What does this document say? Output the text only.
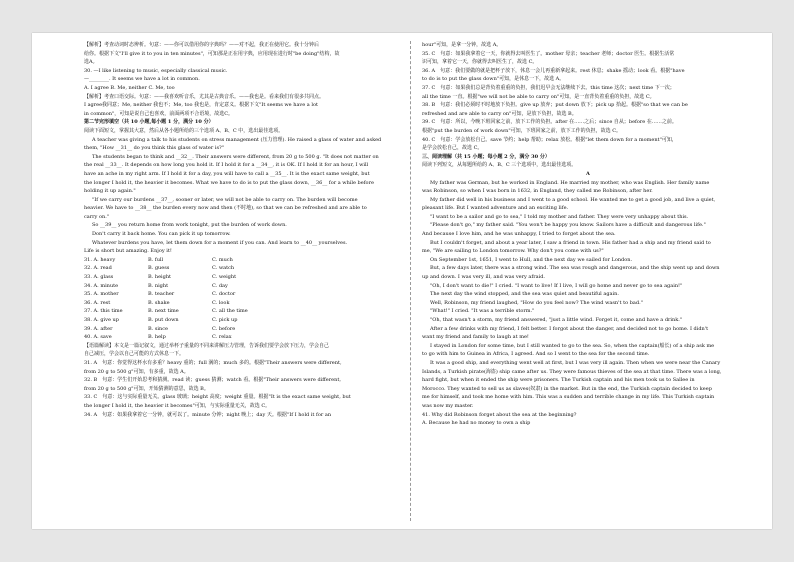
【解析】考查动词时态辨析。句意：——你可以借用你的字典吗？——对不起，我正在使用它。我十分钟后
给你。根据下文"I'll give it to you in ten minutes"，可知那是正在用字典，应用现在进行时"be doing"结构，故
选A。
30. —I like listening to music, especially classical music.
—________. It seems we have a lot in common.
A. I agree B. Me, neither C. Me, too
【解析】考查口语交际。句意：——我喜欢听音乐，尤其是古典音乐。——我也是。看来我们有很多共同点。
I agree我同意；Me, neither 我也不；Me, too 我也是，肯定意义。根据下文"It seems we have a lot
in common"，可知是说自己也喜欢，前面两项不合语境，故选C。
第二节完形填空（共 10 小题,每小题 1 分，满分 10 分）
阅读下面短文，掌握其大意，然后从各小题所给的三个选项 A、B、C 中，选出最佳选项。
A teacher was giving a talk to his students on stress management (压力管理). He raised a glass of water and asked
them, "How __31__ do you think this glass of water is?"
The students began to think and __32__. Their answers were different, from 20 g to 500 g. "It does not matter on
the real __33__. It depends on how long you hold it. If I hold it for a __34__, it is OK. If I hold it for an hour, I will
have an ache in my right arm. If I hold it for a day, you will have to call a __35__. It is the exact same weight, but
the longer I hold it, the heavier it becomes. What we have to do is to put the glass down, __36__ for a while before
holding it up again."
"If we carry our burdens __37__, sooner or later, we will not be able to carry on. The burden will become
heavier. We have to __38__ the burden every now and then (不时地), so that we can be refreshed and are able to
carry on."
So __39__ you return home from work tonight, put the burden of work down.
Don't carry it back home. You can pick it up tomorrow.
Whatever burdens you have, let them down for a moment if you can. And learn to __40__ yourselves.
Life is short but amazing. Enjoy it!
31. A. heavy	B. full	C. much
32. A. read	B. guess	C. watch
33. A. glass	B. height	C. weight
34. A. minute	B. night	C. day
35. A. mother	B. teacher	C. doctor
36. A. rest	B. shake	C. look
37. A. this time	B. next time	C. all the time
38. A. give up	B. put down	C. pick up
39. A. after	B. since	C. before
40. A. save	B. help	C. relax
【语篇解读】本文是一篇记叙文，通过举杯子重量的不同来讲解压力管理，告诉我们要学会放下压力，学会自己
自己减压，学会以自己可能的方式休息一下。
31. A　句意：你觉得这杯水有多重？heavy 重的；full 满的；much 多的。根据"Their answers were different,
from 20 g to 500 g"可知，有多重，故选 A。
32. B　句意：学生们开始思考和猜测。read 读；guess 猜测；watch 看。根据"Their answers were different,
from 20 g to 500 g"可知，开始猜测的意思，故选 B。
33. C　句意：这与实际重量无关。glass 玻璃；height 高度；weight 重量。根据"It is the exact same weight, but
the longer I hold it, the heavier it becomes"可知，与实际重量无关，故选 C。
34. A　句意：如果我拿着它一分钟，就可以了。minute 分钟；night 晚上；day 天。根据"If I hold it for an
hour"可知，是拿一分钟，故选 A。
35. C　句意：如果我拿着它一天，你就得去叫医生了。mother 母亲；teacher 老师；doctor 医生。根据生活常
识可知，拿着它一天，你就得去叫医生了，故选 C。
36. A　句意：我们要做的就是把杯子放下，休息一会儿再重新拿起来。rest 休息；shake 摇动；look 看。根据"have
to do is to put the glass down"可知，是休息一下，故选 A。
37. C　句意：如果我们总是背负着重重的负担，我们迟早会无法继续下去。this time 这次；next time 下一次；
all the time 一直。根据"we will not be able to carry on"可知，是一直背负着重重的负担，故选 C。
38. B　句意：我们必须时不时地放下负担。give up 放弃；put down 放下；pick up 拾起。根据"so that we can be
refreshed and are able to carry on"可知，是放下负担，故选 B。
39. C　句意：所以，今晚下班回家之前，放下工作的负担。after 在……之后；since 自从；before 在……之前。
根据"put the burden of work down"可知，下班回家之前，放下工作的负担，故选 C。
40. C　句意：学会放松自己。save 节约；help 帮助；relax 放松。根据"let them down for a moment"可知，
是学会放松自己，故选 C。
三、阅读理解（共 15 小题；每小题 2 分，满分 30 分）
阅读下列短文，从每题所给的 A、B、C 三个选项中，选出最佳选项。
A
My father was German, but he worked in England. He married my mother, who was English. Her family name
was Robinson, so when I was born in 1632, in England, they called me Robinson, after her.
My father did well in his business and I went to a good school. He wanted me to get a good job, and live a quiet,
pleasant life. But I wanted adventure and an exciting life.
"I want to be a sailor and go to sea," I told my mother and father. They were very unhappy about this.
"Please don't go," my father said. "You won't be happy you know. Sailors have a difficult and dangerous life."
And because I love him, and he was unhappy, I tried to forget about the sea.
But I couldn't forget, and about a year later, I saw a friend in town. His father had a ship and my friend said to
me, "We are sailing to London tomorrow. Why don't you come with us?"
On September 1st, 1651, I went to Hull, and the next day we sailed for London.
But, a few days later, there was a strong wind. The sea was rough and dangerous, and the ship went up and down
up and down. I was very ill, and was very afraid.
"Oh, I don't want to die!" I cried. "I want to live! If I live, I will go home and never go to sea again!"
The next day the wind stopped, and the sea was quiet and beautiful again.
Well, Robinson, my friend laughed, "How do you feel now? The wind wasn't to bad."
"What!" I cried. "It was a terrible storm."
"Oh, that wasn't a storm, my friend answered, "just a little wind. Forget it, come and have a drink."
After a few drinks with my friend, I felt better. I forgot about the danger, and decided not to go home. I didn't
want my friend and family to laugh at me!
I stayed in London for some time, but I still wanted to go to the sea. So, when the captain(船长) of a ship ask me
to go with him to Guinea in Africa, I agreed. And so I went to the sea for the second time.
It was a good ship, and everything went well at first, but I was very ill again. Then when we were near the Canary
Islands, a Turkish pirate(海盗) ship came after us. They were famous thieves of the sea at that time. There was a long,
hard fight, but when it ended the ship were prisoners. The Turkish captain and his men took us to Sallee in
Morocco. They wanted to sell us as slaves(奴隶) in the market. But in the end, the Turkish captain decided to keep
me for himself, and took me home with him. This was a sudden and terrible change in my life. This Turkish captain
was now my master.
41. Why did Robinson forget about the sea at the beginning?
A. Because he had no money to own a ship
